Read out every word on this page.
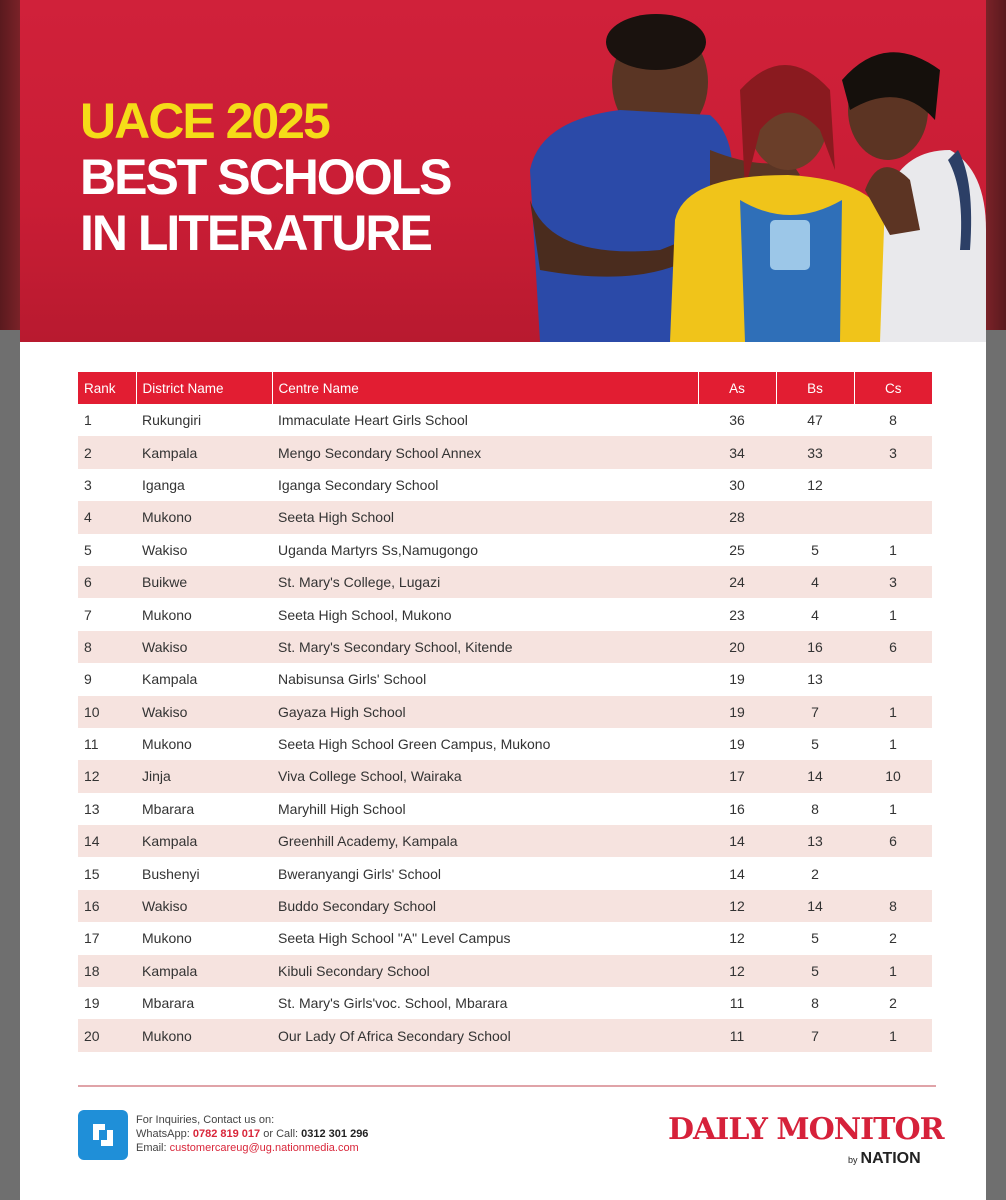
UACE 2025
BEST SCHOOLS
IN LITERATURE
Rank	District Name	Centre Name	As	Bs	Cs
1	Rukungiri	Immaculate Heart Girls School	36	47	8
2	Kampala	Mengo Secondary School Annex	34	33	3
3	Iganga	Iganga Secondary School	30	12	
4	Mukono	Seeta High School	28		
5	Wakiso	Uganda Martyrs Ss,Namugongo	25	5	1
6	Buikwe	St. Mary's College, Lugazi	24	4	3
7	Mukono	Seeta High School, Mukono	23	4	1
8	Wakiso	St. Mary's Secondary School, Kitende	20	16	6
9	Kampala	Nabisunsa Girls' School	19	13	
10	Wakiso	Gayaza High School	19	7	1
11	Mukono	Seeta High School Green Campus, Mukono	19	5	1
12	Jinja	Viva College School, Wairaka	17	14	10
13	Mbarara	Maryhill High School	16	8	1
14	Kampala	Greenhill Academy, Kampala	14	13	6
15	Bushenyi	Bweranyangi Girls' School	14	2	
16	Wakiso	Buddo Secondary School	12	14	8
17	Mukono	Seeta High School "A" Level Campus	12	5	2
18	Kampala	Kibuli Secondary School	12	5	1
19	Mbarara	St. Mary's Girls'voc. School, Mbarara	11	8	2
20	Mukono	Our Lady Of Africa Secondary School	11	7	1
For Inquiries, Contact us on:
WhatsApp: 0782 819 017 or Call: 0312 301 296
Email: customercareug@ug.nationmedia.com
DAILY MONITOR
by NATION
